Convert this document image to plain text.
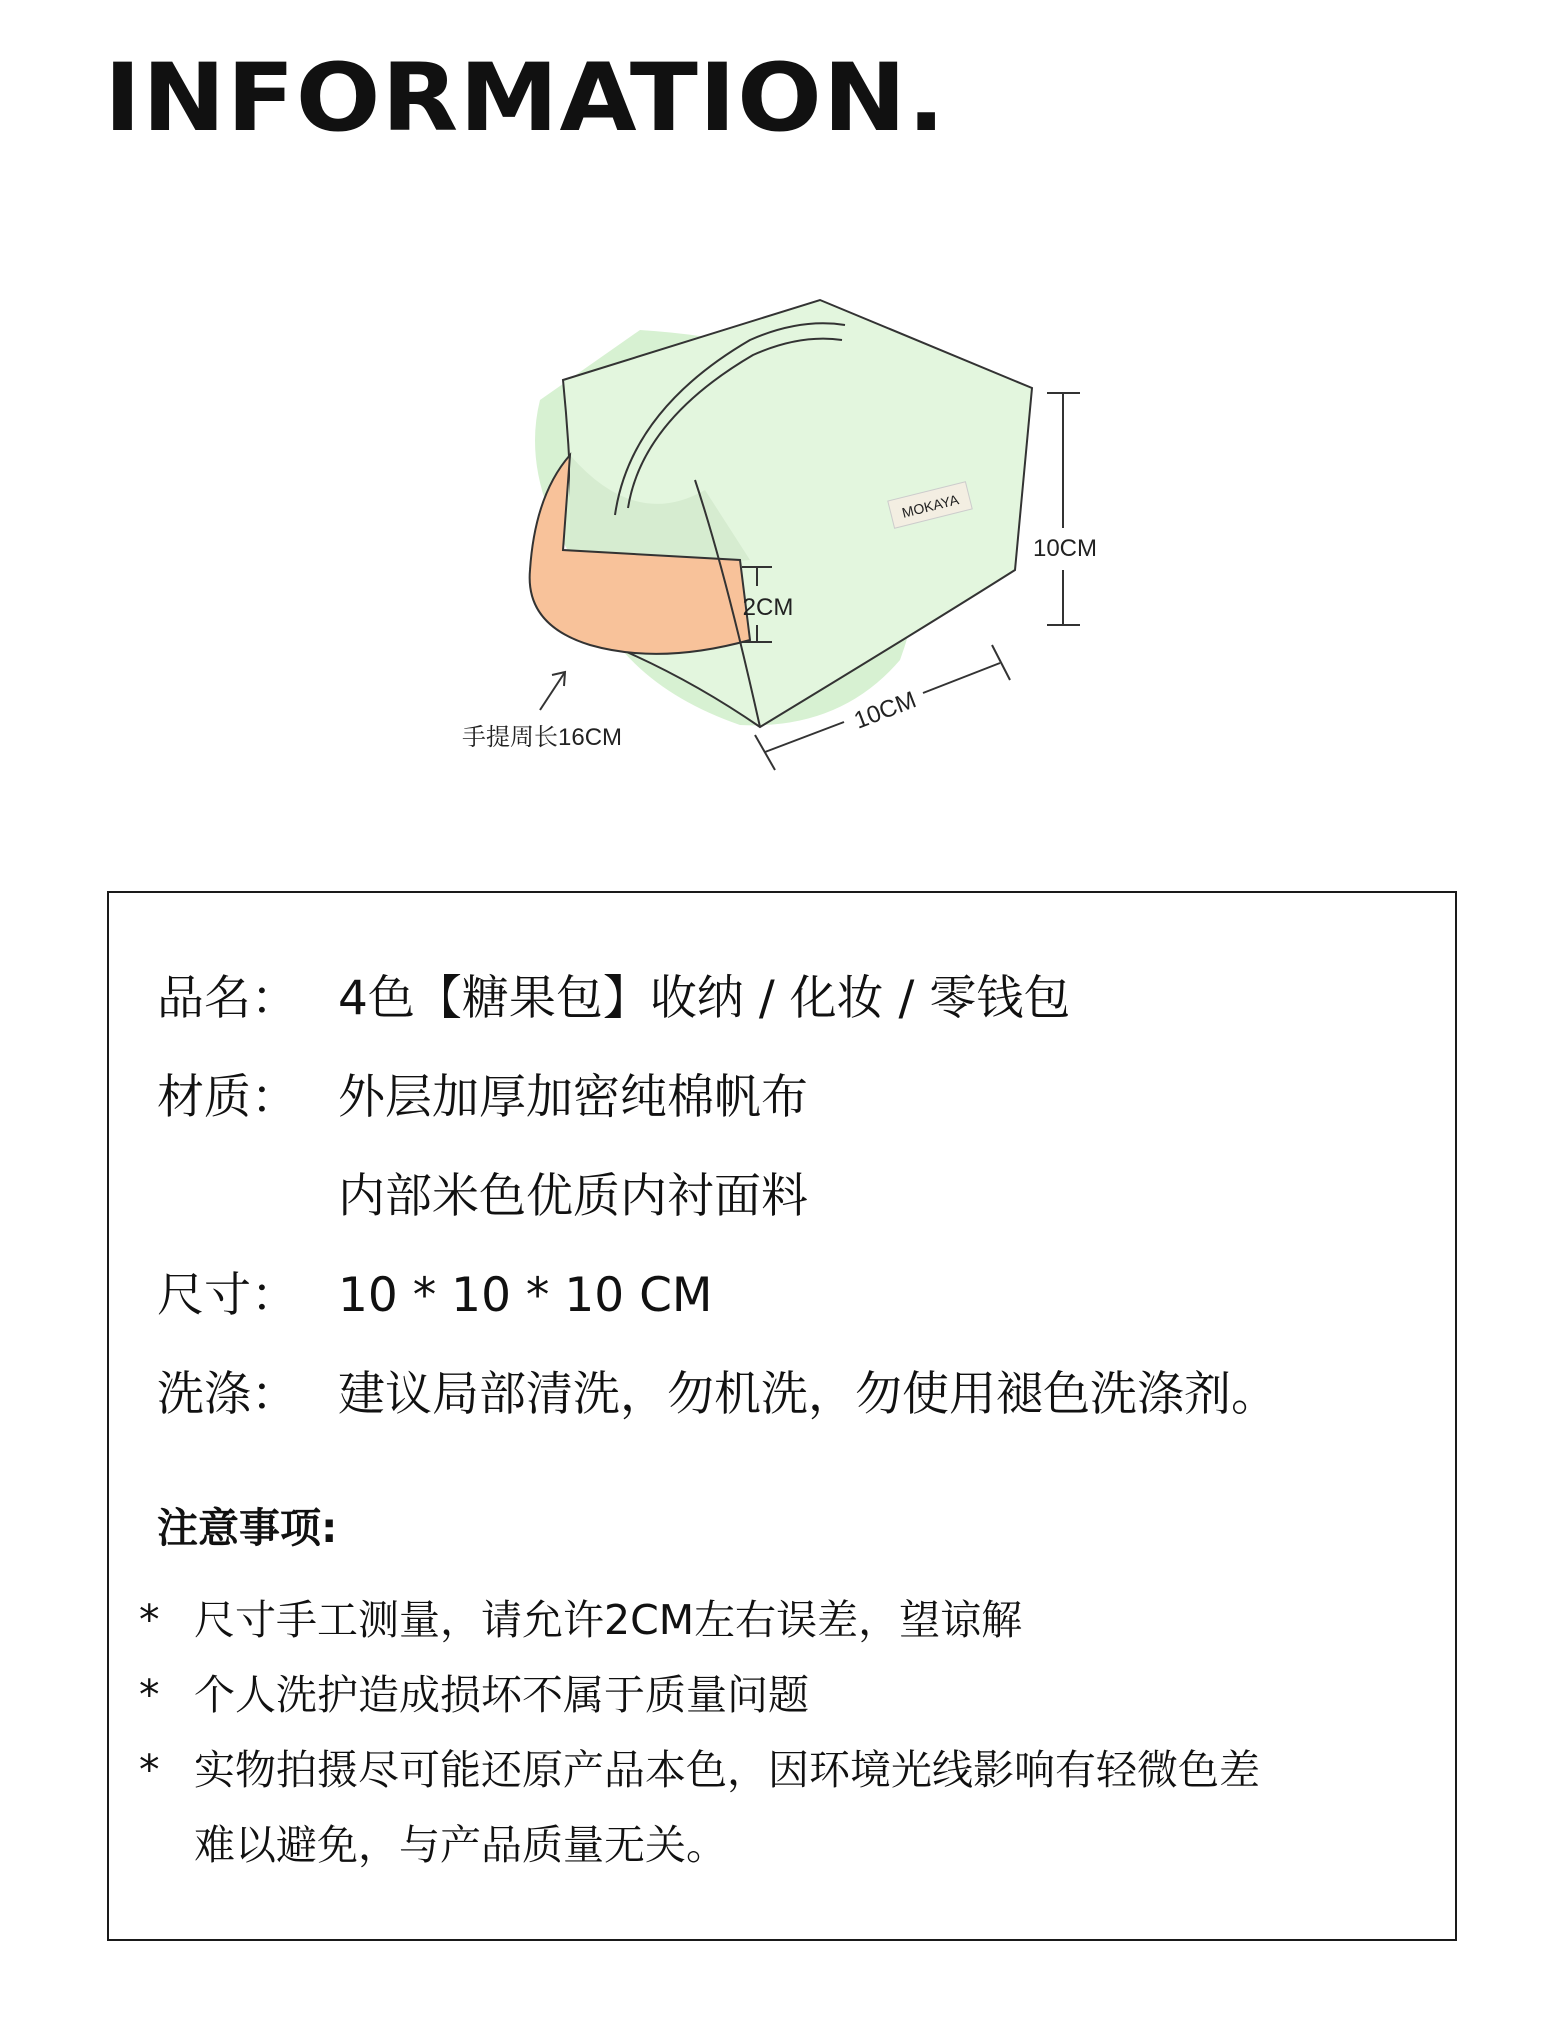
INFORMATION.
MOKAYA
10CM
2CM
10CM
手提周长16CM
品名： 4色【糖果包】收纳 / 化妆 / 零钱包
材质： 外层加厚加密纯棉帆布
内部米色优质内衬面料
尺寸： 10 * 10 * 10 CM
洗涤： 建议局部清洗，勿机洗，勿使用褪色洗涤剂。
注意事项:
* 尺寸手工测量，请允许2CM左右误差，望谅解
* 个人洗护造成损坏不属于质量问题
* 实物拍摄尽可能还原产品本色，因环境光线影响有轻微色差
难以避免，与产品质量无关。
